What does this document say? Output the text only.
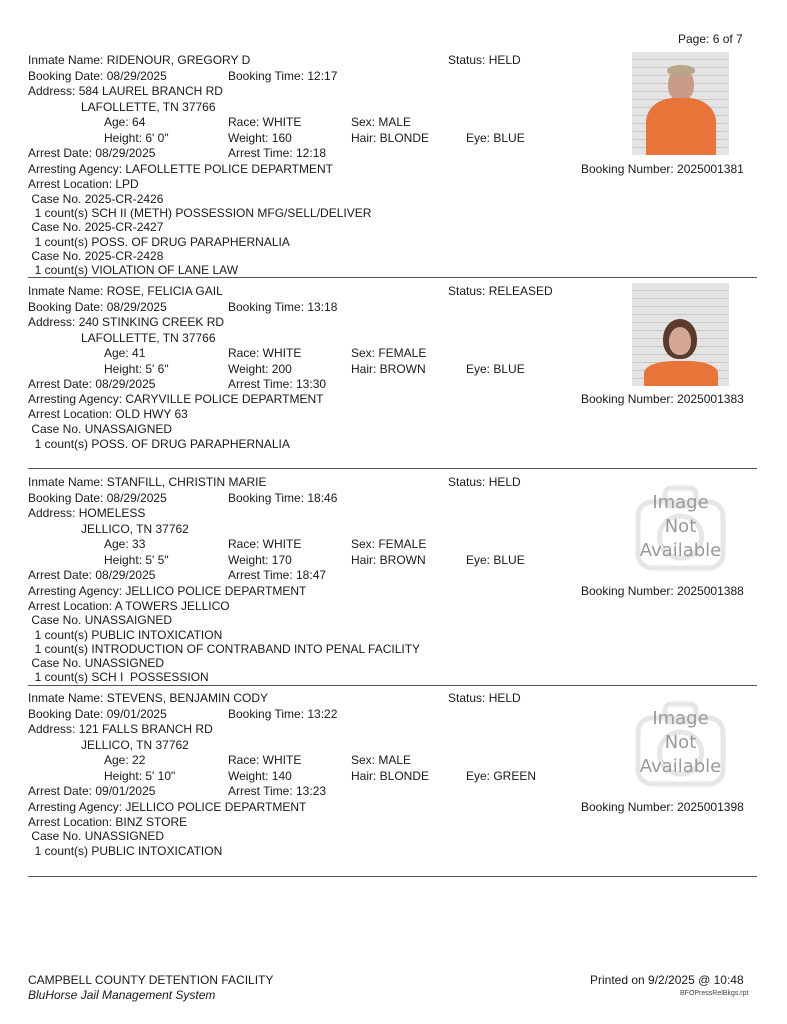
Page: 6 of 7
Inmate Name: RIDENOUR, GREGORY D	Status: HELD
Booking Date: 08/29/2025	Booking Time: 12:17
Address: 584 LAUREL BRANCH RD
LAFOLLETTE, TN 37766
Age: 64	Race: WHITE	Sex: MALE
Height: 6' 0"	Weight: 160	Hair: BLONDE	Eye: BLUE
Arrest Date: 08/29/2025	Arrest Time: 12:18
Arresting Agency: LAFOLLETTE POLICE DEPARTMENT	Booking Number: 2025001381
Arrest Location: LPD
Case No. 2025-CR-2426
1 count(s) SCH II (METH) POSSESSION MFG/SELL/DELIVER
Case No. 2025-CR-2427
1 count(s) POSS. OF DRUG PARAPHERNALIA
Case No. 2025-CR-2428
1 count(s) VIOLATION OF LANE LAW
Inmate Name: ROSE, FELICIA GAIL	Status: RELEASED
Booking Date: 08/29/2025	Booking Time: 13:18
Address: 240 STINKING CREEK RD
LAFOLLETTE, TN 37766
Age: 41	Race: WHITE	Sex: FEMALE
Height: 5' 6"	Weight: 200	Hair: BROWN	Eye: BLUE
Arrest Date: 08/29/2025	Arrest Time: 13:30
Arresting Agency: CARYVILLE POLICE DEPARTMENT	Booking Number: 2025001383
Arrest Location: OLD HWY 63
Case No. UNASSAIGNED
1 count(s) POSS. OF DRUG PARAPHERNALIA
Inmate Name: STANFILL, CHRISTIN MARIE	Status: HELD
Booking Date: 08/29/2025	Booking Time: 18:46
Address: HOMELESS
JELLICO, TN 37762
Age: 33	Race: WHITE	Sex: FEMALE
Height: 5' 5"	Weight: 170	Hair: BROWN	Eye: BLUE
Arrest Date: 08/29/2025	Arrest Time: 18:47
Arresting Agency: JELLICO POLICE DEPARTMENT	Booking Number: 2025001388
Arrest Location: A TOWERS JELLICO
Case No. UNASSAIGNED
1 count(s) PUBLIC INTOXICATION
1 count(s) INTRODUCTION OF CONTRABAND INTO PENAL FACILITY
Case No. UNASSIGNED
1 count(s) SCH I  POSSESSION
Image
Not
Available
Inmate Name: STEVENS, BENJAMIN CODY	Status: HELD
Booking Date: 09/01/2025	Booking Time: 13:22
Address: 121 FALLS BRANCH RD
JELLICO, TN 37762
Age: 22	Race: WHITE	Sex: MALE
Height: 5' 10"	Weight: 140	Hair: BLONDE	Eye: GREEN
Arrest Date: 09/01/2025	Arrest Time: 13:23
Arresting Agency: JELLICO POLICE DEPARTMENT	Booking Number: 2025001398
Arrest Location: BINZ STORE
Case No. UNASSIGNED
1 count(s) PUBLIC INTOXICATION
Image
Not
Available
CAMPBELL COUNTY DETENTION FACILITY
BluHorse Jail Management System
Printed on 9/2/2025 @ 10:48
BFOPressRelBkgs.rpt
